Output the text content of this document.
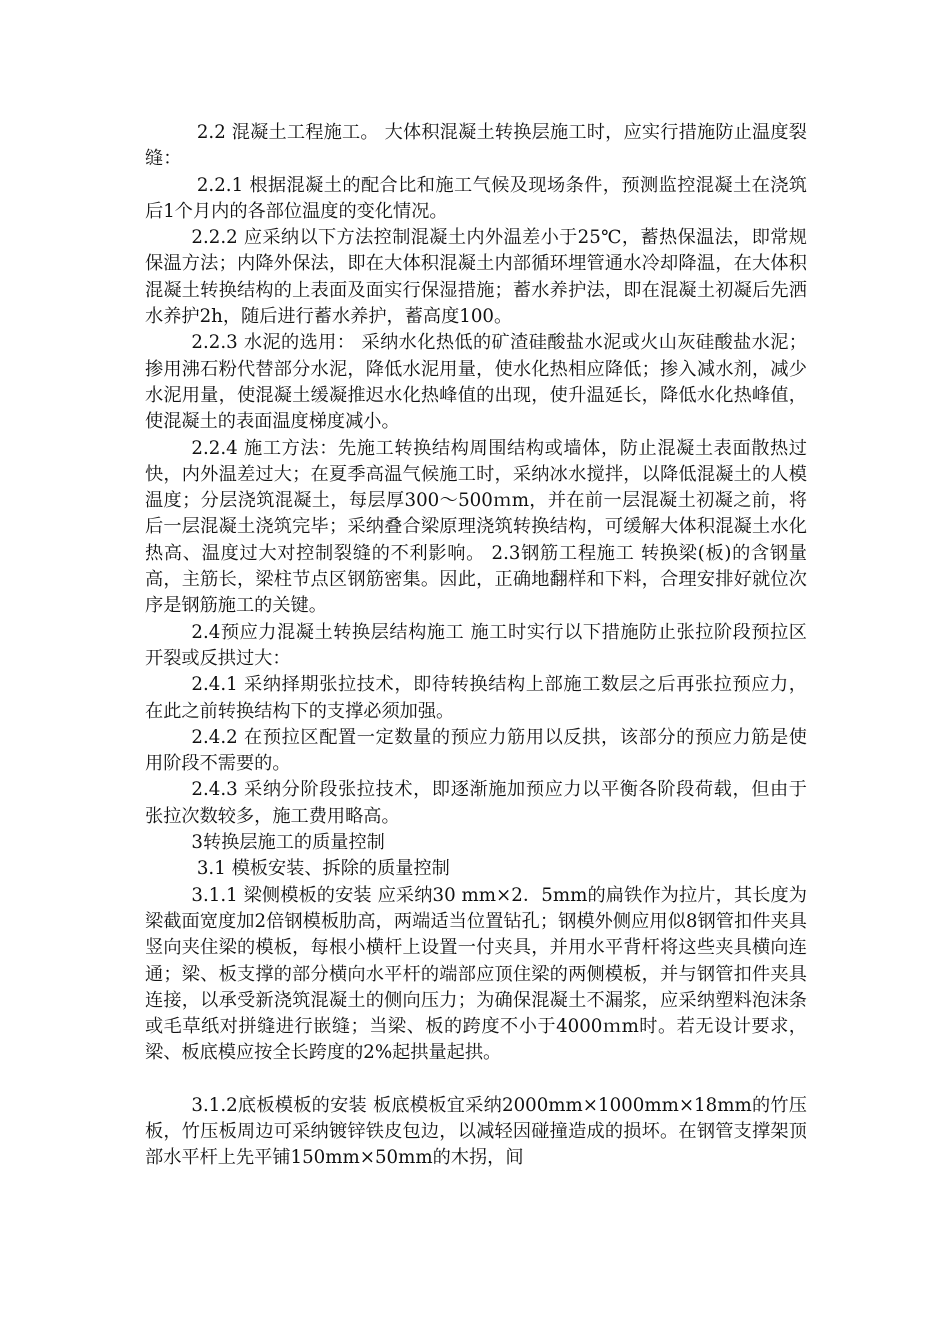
2.2 混凝土工程施工。 大体积混凝土转换层施工时，应实行措施防止温度裂缝：

2.2.1 根据混凝土的配合比和施工气候及现场条件，预测监控混凝土在浇筑后1个月内的各部位温度的变化情况。

2.2.2 应采纳以下方法控制混凝土内外温差小于25℃，蓄热保温法，即常规保温方法；内降外保法，即在大体积混凝土内部循环埋管通水冷却降温，在大体积混凝土转换结构的上表面及面实行保湿措施；蓄水养护法，即在混凝土初凝后先洒水养护2h，随后进行蓄水养护，蓄高度100。

2.2.3 水泥的选用： 采纳水化热低的矿渣硅酸盐水泥或火山灰硅酸盐水泥；掺用沸石粉代替部分水泥，降低水泥用量，使水化热相应降低；掺入减水剂，减少水泥用量，使混凝土缓凝推迟水化热峰值的出现，使升温延长，降低水化热峰值，使混凝土的表面温度梯度减小。

2.2.4 施工方法：先施工转换结构周围结构或墙体，防止混凝土表面散热过快，内外温差过大；在夏季高温气候施工时，采纳冰水搅拌，以降低混凝土的人模温度；分层浇筑混凝土，每层厚300～500ｍm，并在前一层混凝土初凝之前，将后一层混凝土浇筑完毕；采纳叠合梁原理浇筑转换结构，可缓解大体积混凝土水化热高、温度过大对控制裂缝的不利影响。 2.3钢筋工程施工 转换梁(板)的含钢量高，主筋长，梁柱节点区钢筋密集。因此，正确地翻样和下料，合理安排好就位次序是钢筋施工的关键。

2.4预应力混凝土转换层结构施工 施工时实行以下措施防止张拉阶段预拉区开裂或反拱过大：

2.4.1 采纳择期张拉技术，即待转换结构上部施工数层之后再张拉预应力，在此之前转换结构下的支撑必须加强。

2.4.2 在预拉区配置一定数量的预应力筋用以反拱，该部分的预应力筋是使用阶段不需要的。

2.4.3 采纳分阶段张拉技术，即逐渐施加预应力以平衡各阶段荷载，但由于张拉次数较多，施工费用略高。

3转换层施工的质量控制

3.1 模板安装、拆除的质量控制

3.1.1 梁侧模板的安装 应采纳30 mm×2．5mm的扁铁作为拉片，其长度为梁截面宽度加2倍钢模板肋高，两端适当位置钻孔；钢模外侧应用似8钢管扣件夹具竖向夹住梁的模板，每根小横杆上设置一付夹具，并用水平背杆将这些夹具横向连通；梁、板支撑的部分横向水平杆的端部应顶住梁的两侧模板，并与钢管扣件夹具连接，以承受新浇筑混凝土的侧向压力；为确保混凝土不漏浆，应采纳塑料泡沫条或毛草纸对拼缝进行嵌缝；当梁、板的跨度不小于4000ｍm时。若无设计要求，梁、板底模应按全长跨度的2%起拱量起拱。

3.1.2底板模板的安装 板底模板宜采纳2000mm×1000mm×18mm的竹压板，竹压板周边可采纳镀锌铁皮包边，以减轻因碰撞造成的损坏。在钢管支撑架顶部水平杆上先平铺150mm×50mm的木拐，间
